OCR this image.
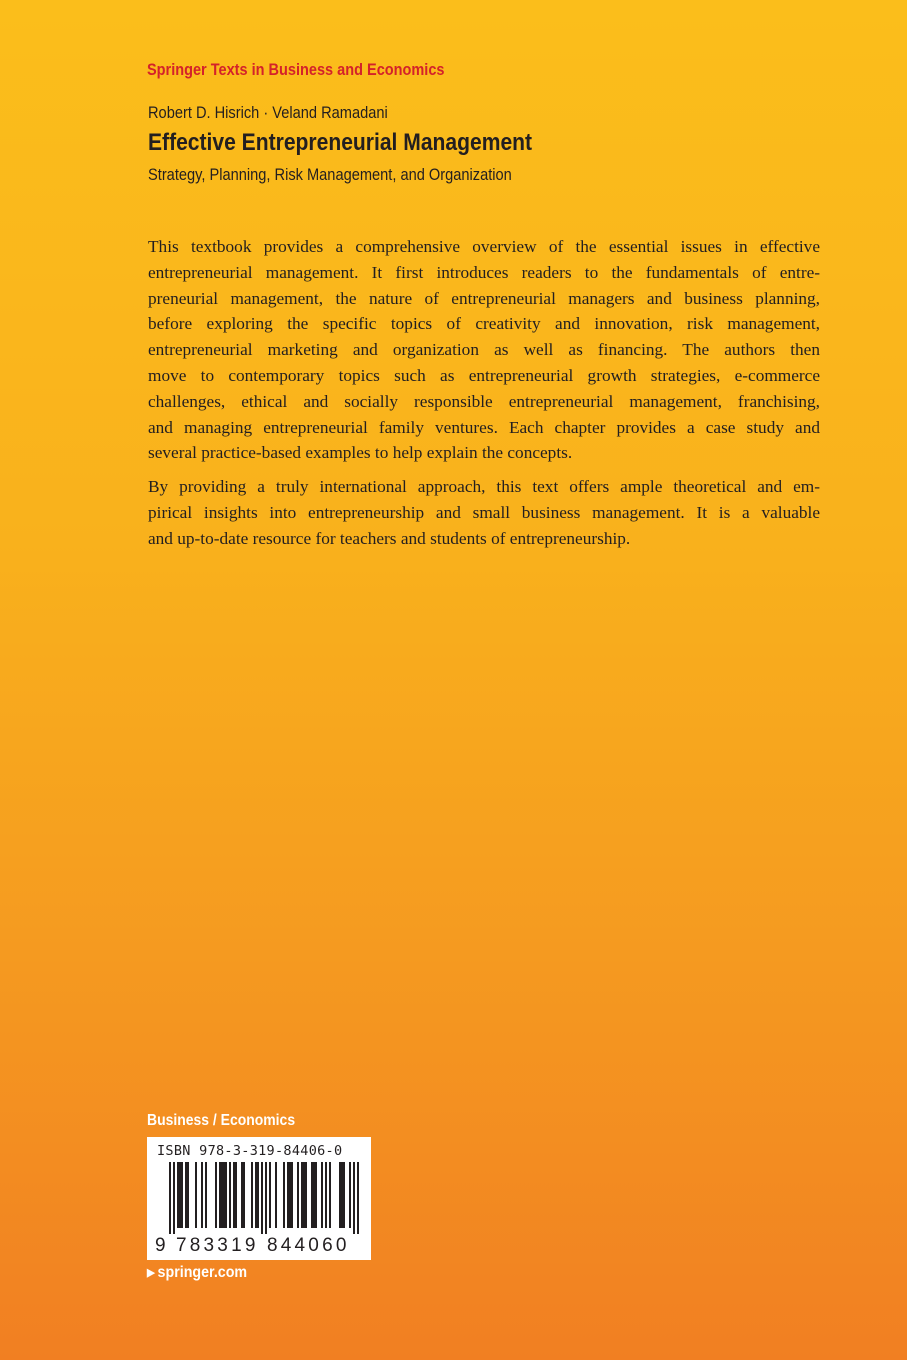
Springer Texts in Business and Economics
Robert D. Hisrich · Veland Ramadani
Effective Entrepreneurial Management
Strategy, Planning, Risk Management, and Organization
This textbook provides a comprehensive overview of the essential issues in effective
entrepreneurial management. It first introduces readers to the fundamentals of entre-
preneurial management, the nature of entrepreneurial managers and business planning,
before exploring the specific topics of creativity and innovation, risk management,
entrepreneurial marketing and organization as well as financing. The authors then
move to contemporary topics such as entrepreneurial growth strategies, e-commerce
challenges, ethical and socially responsible entrepreneurial management, franchising,
and managing entrepreneurial family ventures. Each chapter provides a case study and
several practice-based examples to help explain the concepts.
By providing a truly international approach, this text offers ample theoretical and em-
pirical insights into entrepreneurship and small business management. It is a valuable
and up-to-date resource for teachers and students of entrepreneurship.
Business / Economics
ISBN 978-3-319-84406-0
9 783319 844060
▶ springer.com
